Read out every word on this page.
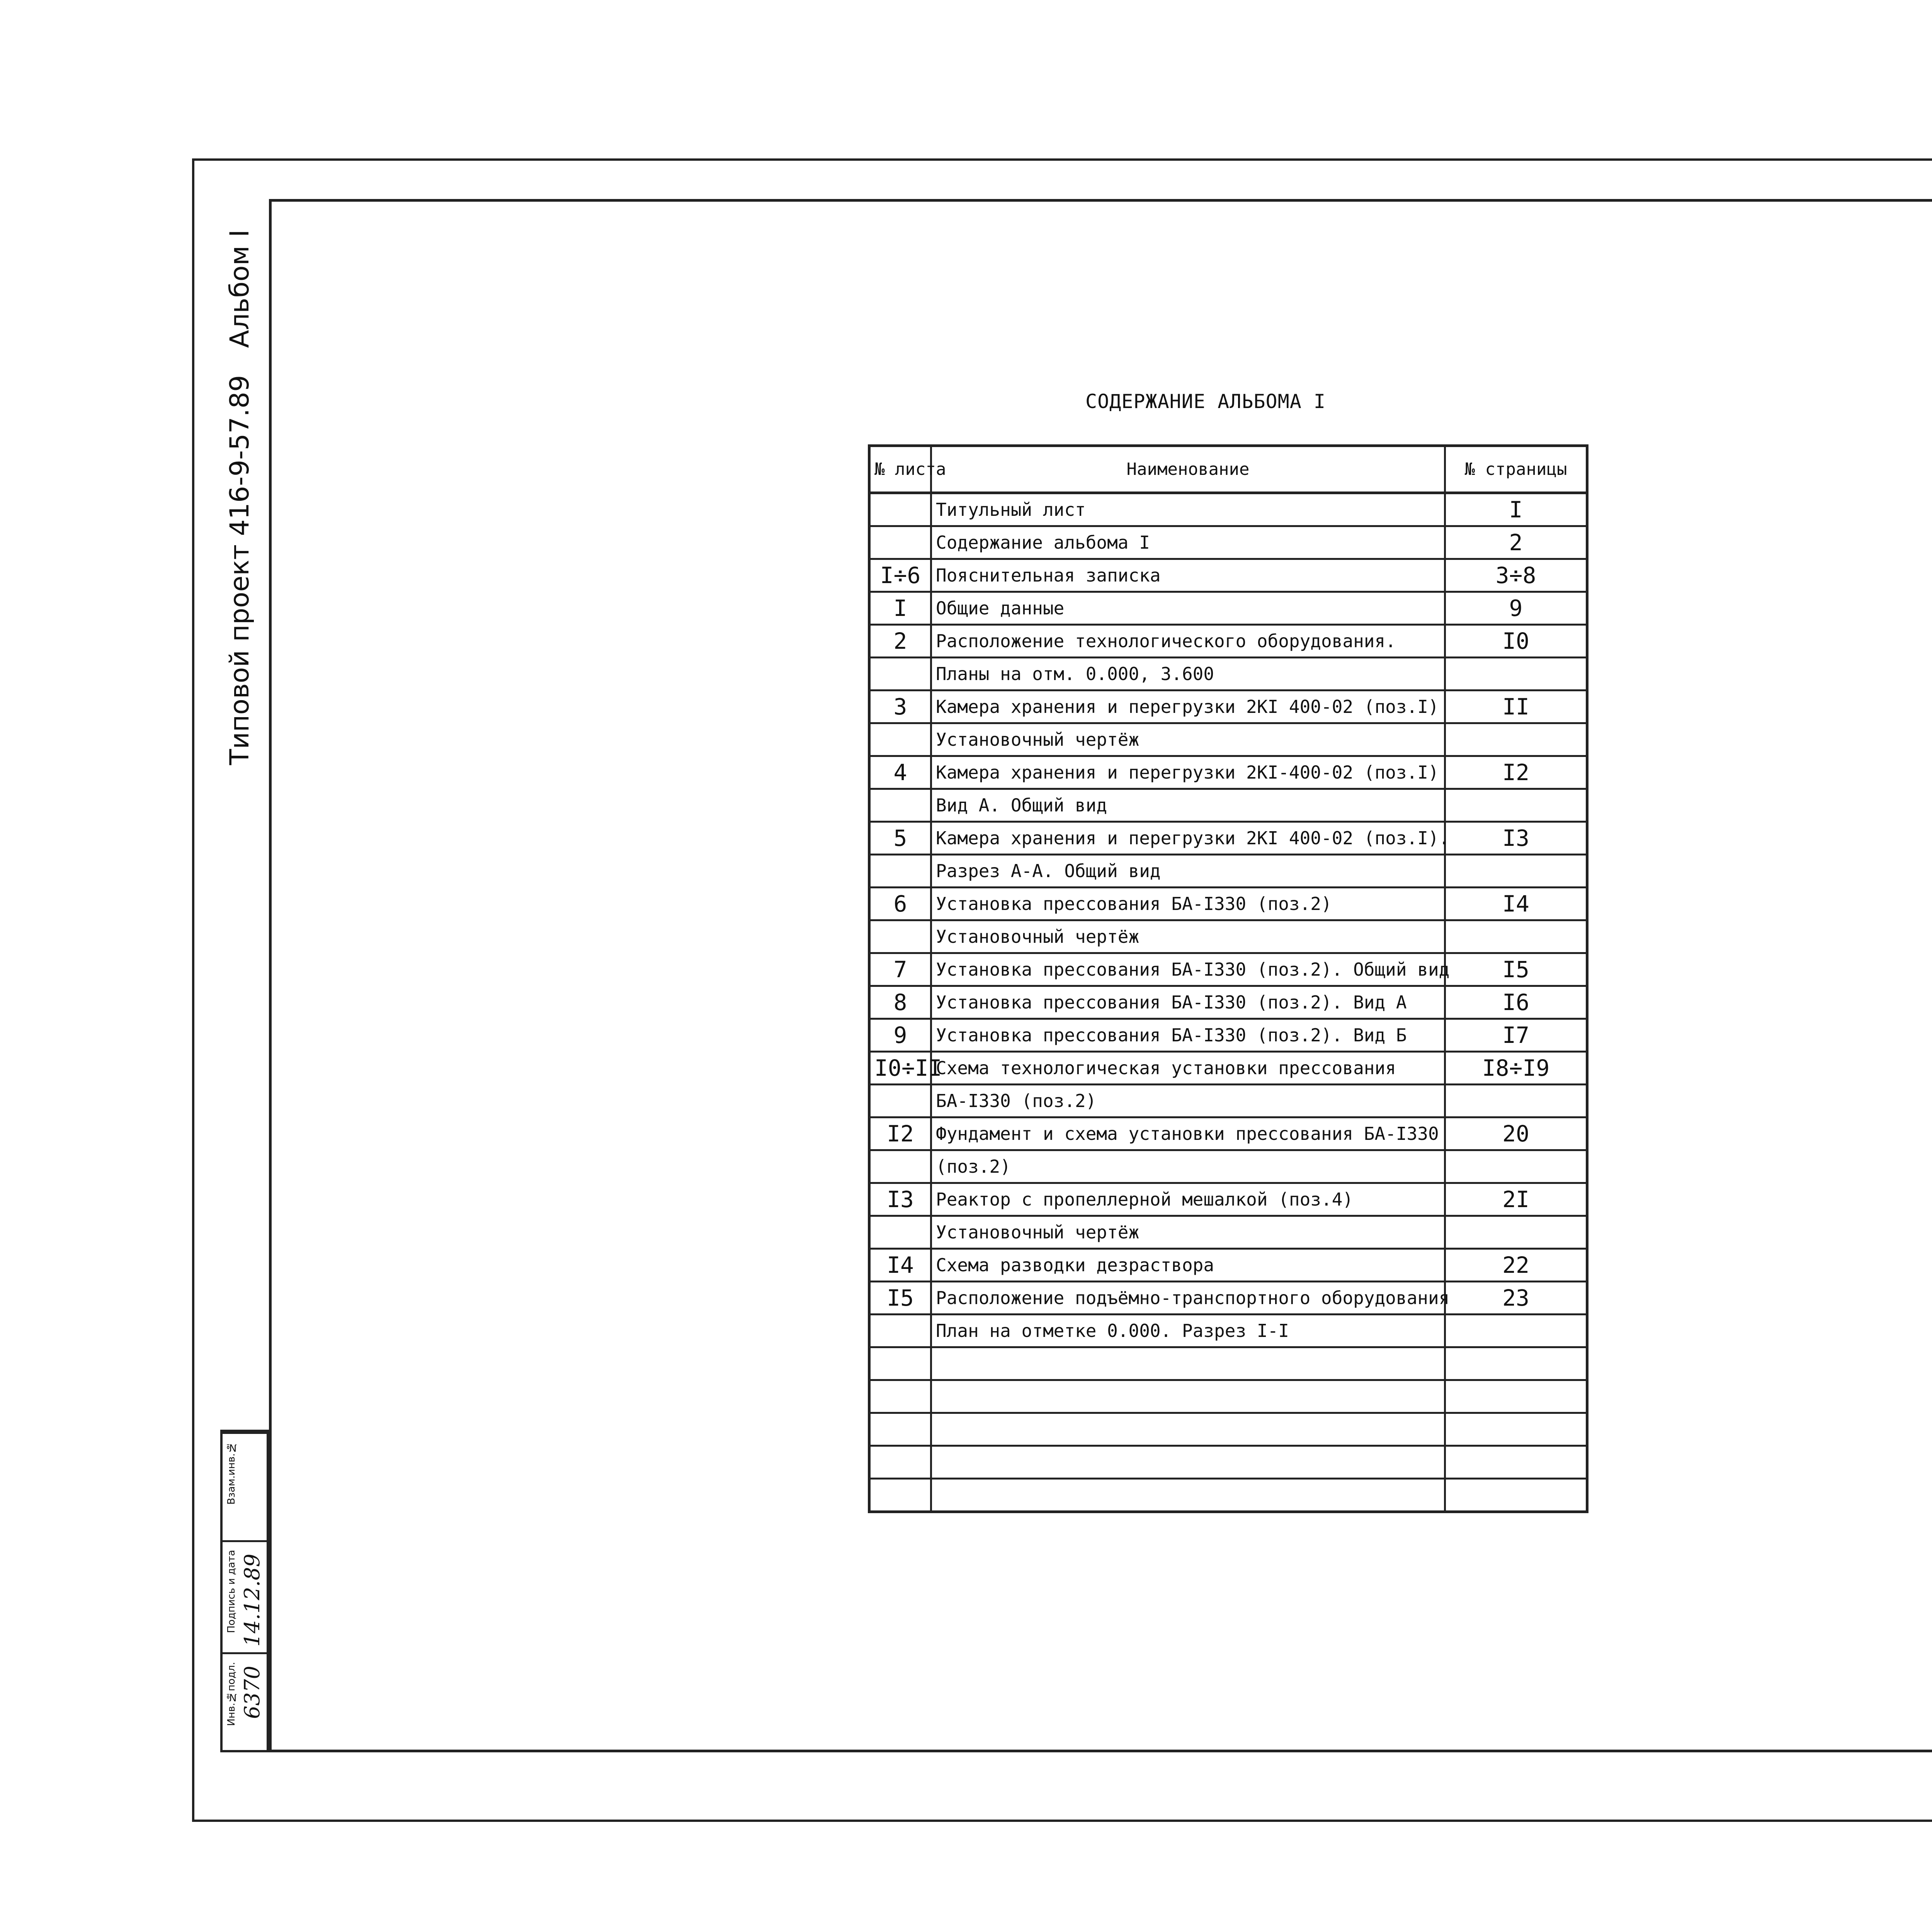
Типовой проект 416-9-57.89
Альбом I
Взам.инв.№
Подпись и дата 14.12.89
Инв.№подл. 6370
СОДЕРЖАНИЕ АЛЬБОМА I
№ листа	Наименование	№ страницы
	Титульный лист	I
	Содержание альбома I	2
I÷6	Пояснительная записка	3÷8
I	Общие данные	9
2	Расположение технологического оборудования.	I0
	Планы на отм. 0.000, 3.600	
3	Камера хранения и перегрузки 2КI 400-02 (поз.I)	II
	Установочный чертёж	
4	Камера хранения и перегрузки 2КI-400-02 (поз.I)	I2
	Вид А. Общий вид	
5	Камера хранения и перегрузки 2КI 400-02 (поз.I).	I3
	Разрез А-А. Общий вид	
6	Установка прессования БА-I330 (поз.2)	I4
	Установочный чертёж	
7	Установка прессования БА-I330 (поз.2). Общий вид	I5
8	Установка прессования БА-I330 (поз.2). Вид А	I6
9	Установка прессования БА-I330 (поз.2). Вид Б	I7
I0÷II	Схема технологическая установки прессования	I8÷I9
	БА-I330 (поз.2)	
I2	Фундамент и схема установки прессования БА-I330	20
	(поз.2)	
I3	Реактор с пропеллерной мешалкой (поз.4)	2I
	Установочный чертёж	
I4	Схема разводки дезраствора	22
I5	Расположение подъёмно-транспортного оборудования	23
	План на отметке 0.000. Разрез I-I	
